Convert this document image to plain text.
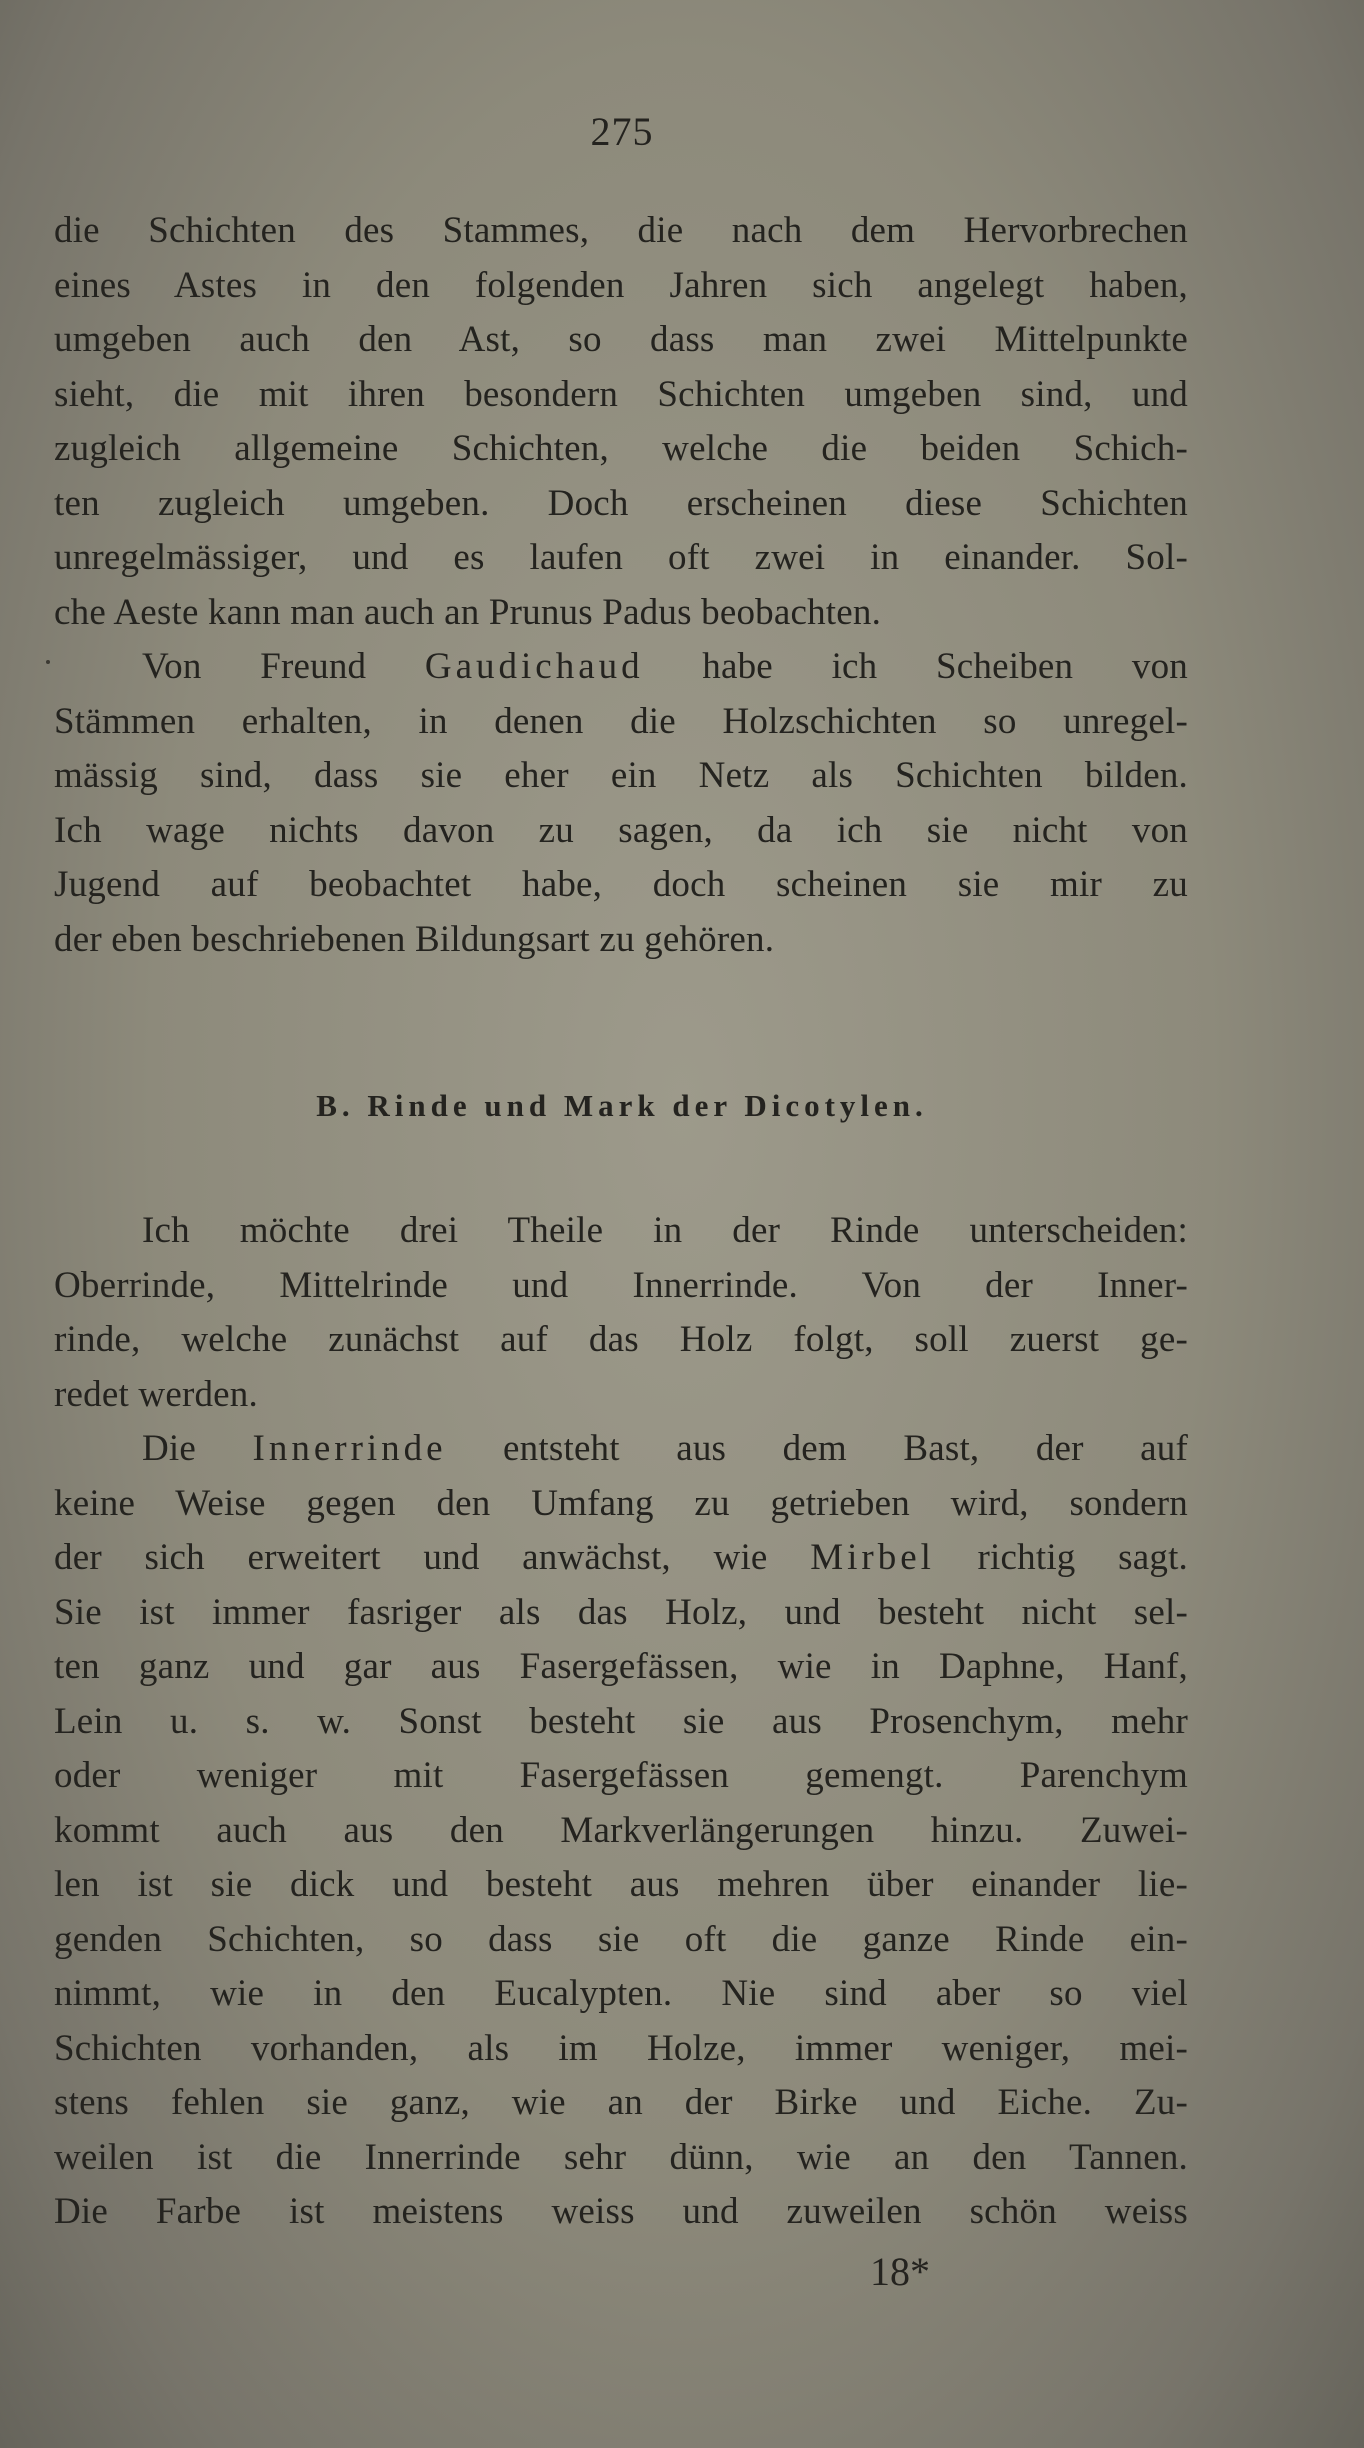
275

die Schichten des Stammes, die nach dem Hervorbrechen
eines Astes in den folgenden Jahren sich angelegt haben,
umgeben auch den Ast, so dass man zwei Mittelpunkte
sieht, die mit ihren besondern Schichten umgeben sind, und
zugleich allgemeine Schichten, welche die beiden Schich-
ten zugleich umgeben. Doch erscheinen diese Schichten
unregelmässiger, und es laufen oft zwei in einander. Sol-
che Aeste kann man auch an Prunus Padus beobachten.

Von Freund Gaudichaud habe ich Scheiben von
Stämmen erhalten, in denen die Holzschichten so unregel-
mässig sind, dass sie eher ein Netz als Schichten bilden.
Ich wage nichts davon zu sagen, da ich sie nicht von
Jugend auf beobachtet habe, doch scheinen sie mir zu
der eben beschriebenen Bildungsart zu gehören.

B. Rinde und Mark der Dicotylen.

Ich möchte drei Theile in der Rinde unterscheiden:
Oberrinde, Mittelrinde und Innerrinde. Von der Inner-
rinde, welche zunächst auf das Holz folgt, soll zuerst ge-
redet werden.

Die Innerrinde entsteht aus dem Bast, der auf
keine Weise gegen den Umfang zu getrieben wird, sondern
der sich erweitert und anwächst, wie Mirbel richtig sagt.
Sie ist immer fasriger als das Holz, und besteht nicht sel-
ten ganz und gar aus Fasergefässen, wie in Daphne, Hanf,
Lein u. s. w. Sonst besteht sie aus Prosenchym, mehr
oder weniger mit Fasergefässen gemengt. Parenchym
kommt auch aus den Markverlängerungen hinzu. Zuwei-
len ist sie dick und besteht aus mehren über einander lie-
genden Schichten, so dass sie oft die ganze Rinde ein-
nimmt, wie in den Eucalypten. Nie sind aber so viel
Schichten vorhanden, als im Holze, immer weniger, mei-
stens fehlen sie ganz, wie an der Birke und Eiche. Zu-
weilen ist die Innerrinde sehr dünn, wie an den Tannen.
Die Farbe ist meistens weiss und zuweilen schön weiss

18*
